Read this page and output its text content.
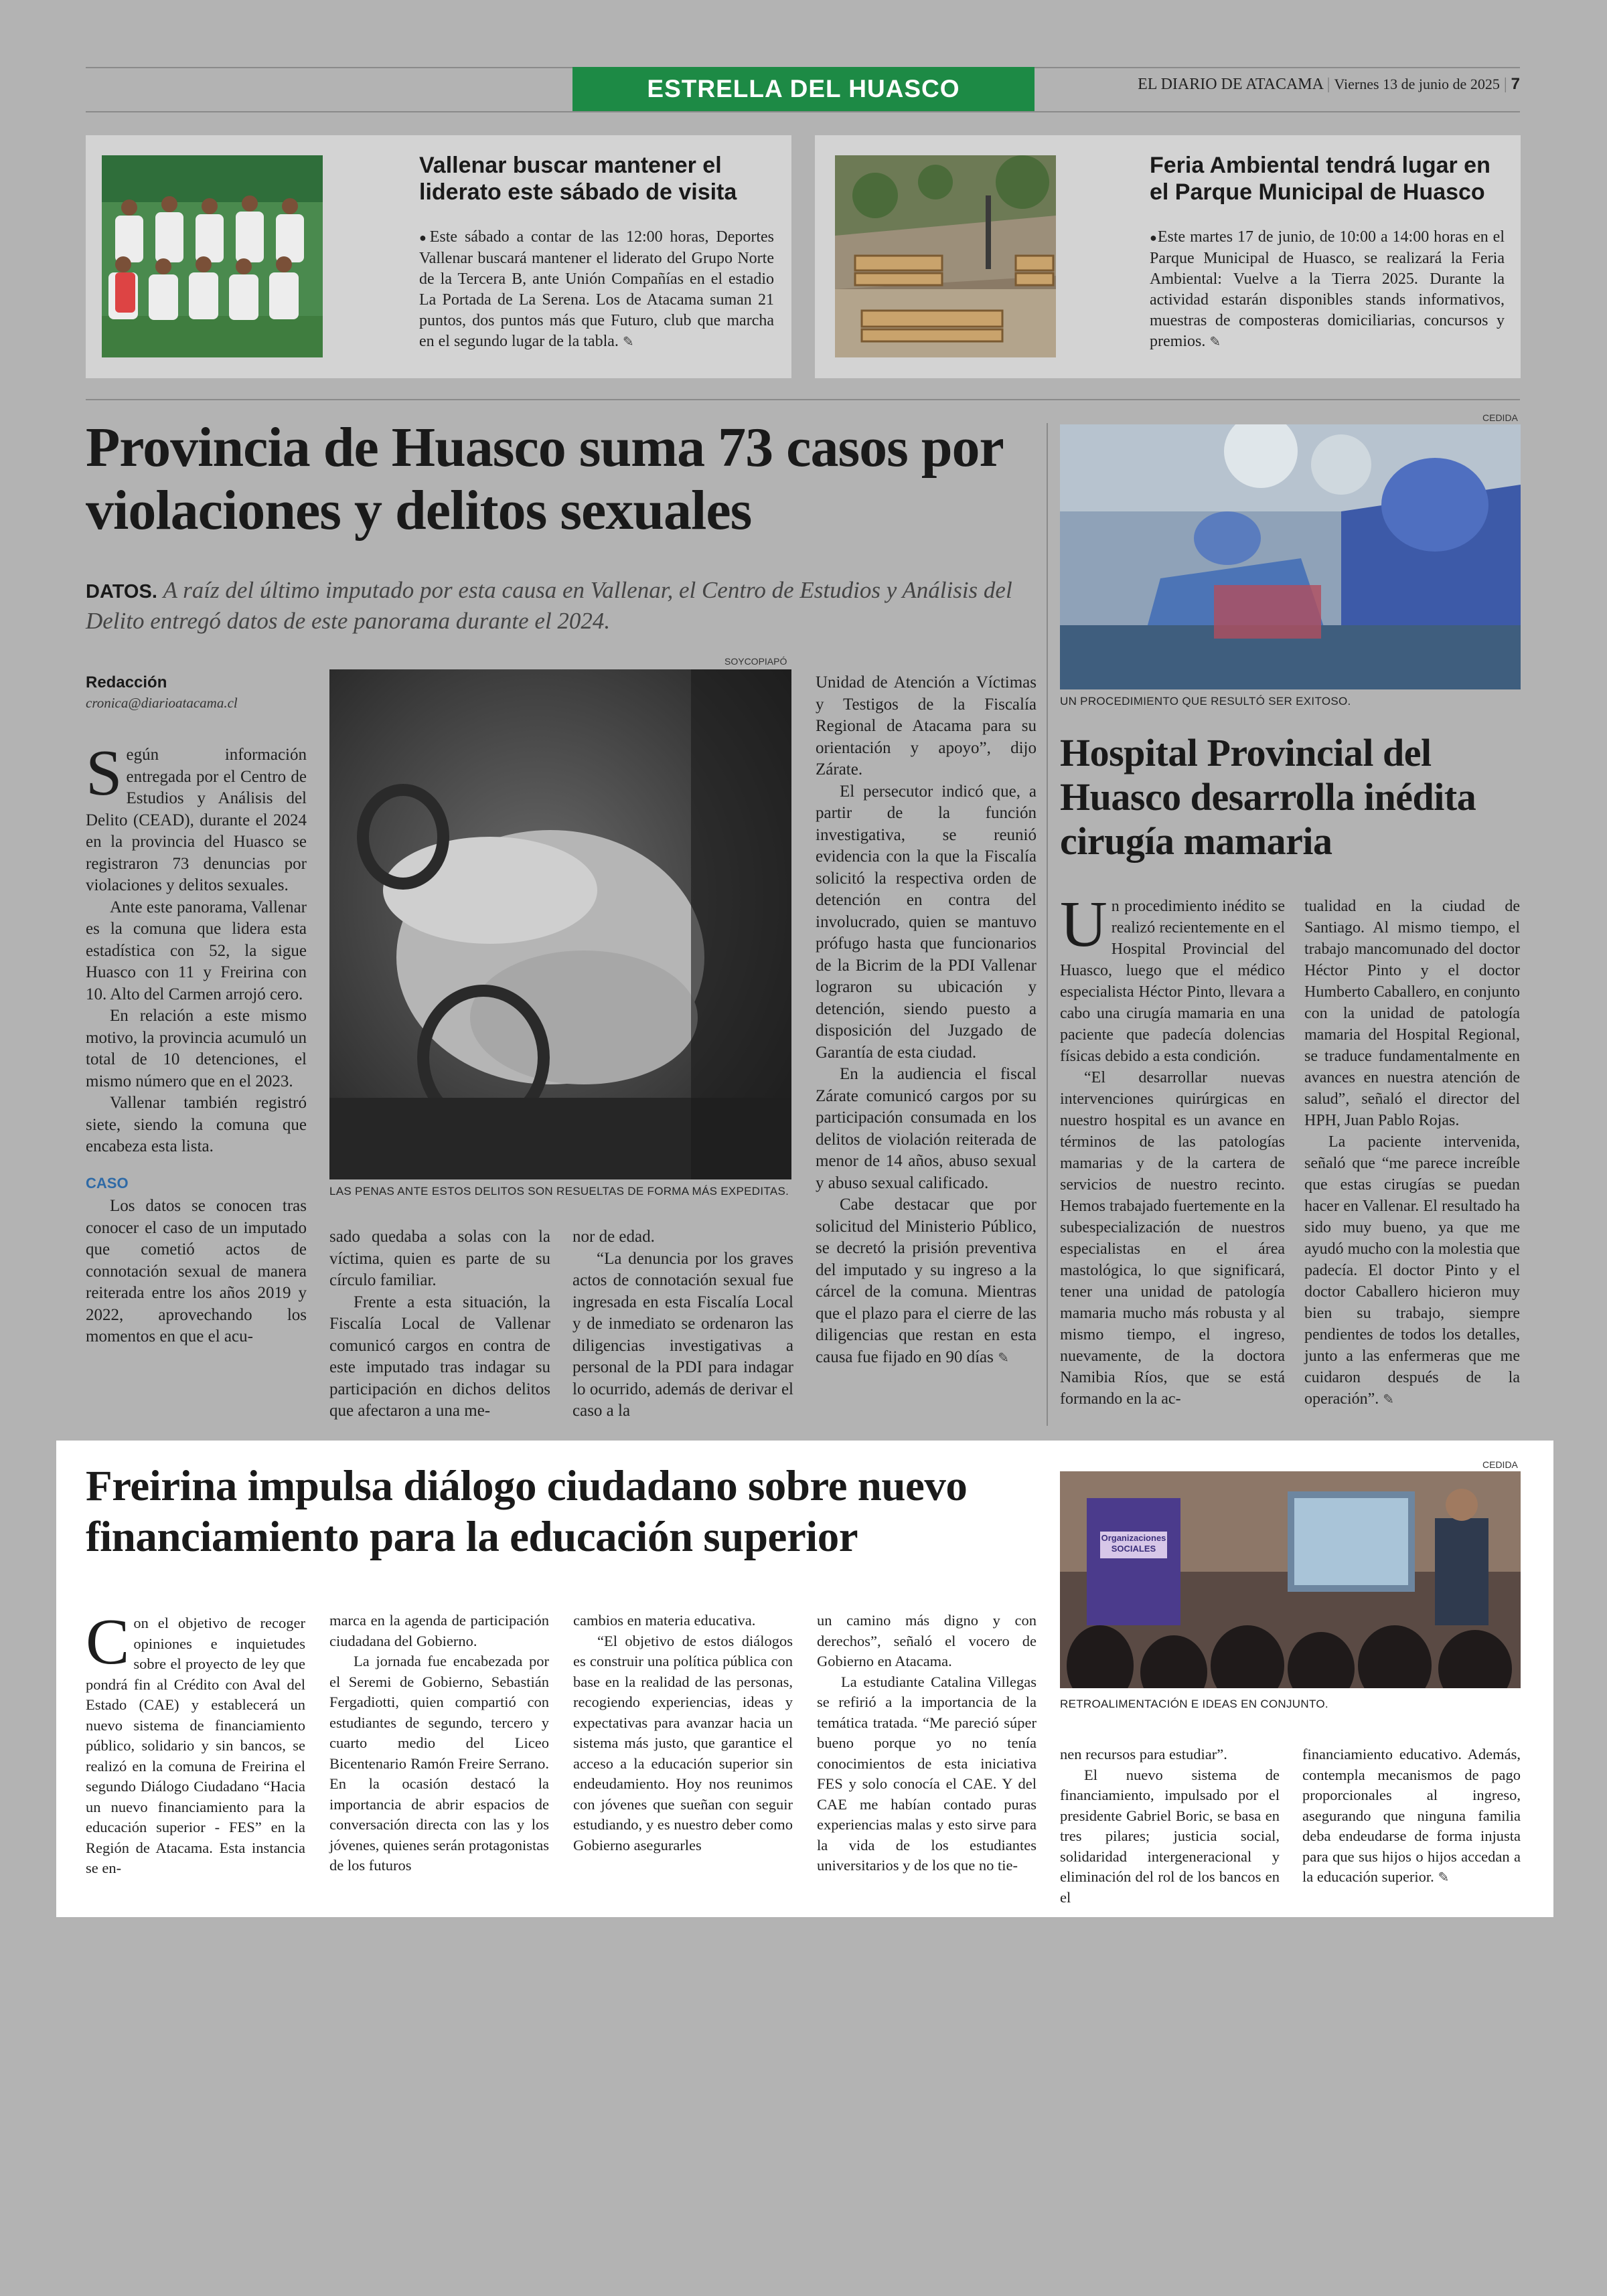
ESTRELLA DEL HUASCO	EL DIARIO DE ATACAMA | Viernes 13 de junio de 2025 | 7
Vallenar buscar mantener el liderato este sábado de visita
●Este sábado a contar de las 12:00 horas, Deportes Vallenar buscará mantener el liderato del Grupo Norte de la Tercera B, ante Unión Compañías en el estadio La Portada de La Serena. Los de Atacama suman 21 puntos, dos puntos más que Futuro, club que marcha en el segundo lugar de la tabla. ✎
Feria Ambiental tendrá lugar en el Parque Municipal de Huasco
●Este martes 17 de junio, de 10:00 a 14:00 horas en el Parque Municipal de Huasco, se realizará la Feria Ambiental: Vuelve a la Tierra 2025. Durante la actividad estarán disponibles stands informativos, muestras de composteras domiciliarias, concursos y premios. ✎
Provincia de Huasco suma 73 casos por violaciones y delitos sexuales
DATOS. A raíz del último imputado por esta causa en Vallenar, el Centro de Estudios y Análisis del Delito entregó datos de este panorama durante el 2024.
Redacción
cronica@diarioatacama.cl
SOYCOPIAPÓ
LAS PENAS ANTE ESTOS DELITOS SON RESUELTAS DE FORMA MÁS EXPEDITAS.

Según información entregada por el Centro de Estudios y Análisis del Delito (CEAD), durante el 2024 en la provincia del Huasco se registraron 73 denuncias por violaciones y delitos sexuales.

Ante este panorama, Vallenar es la comuna que lidera esta estadística con 52, la sigue Huasco con 11 y Freirina con 10. Alto del Carmen arrojó cero.

En relación a este mismo motivo, la provincia acumuló un total de 10 detenciones, el mismo número que en el 2023.

Vallenar también registró siete, siendo la comuna que encabeza esta lista.

CASO

Los datos se conocen tras conocer el caso de un imputado que cometió actos de connotación sexual de manera reiterada entre los años 2019 y 2022, aprovechando los momentos en que el acu-

sado quedaba a solas con la víctima, quien es parte de su círculo familiar.

Frente a esta situación, la Fiscalía Local de Vallenar comunicó cargos en contra de este imputado tras indagar su participación en dichos delitos que afectaron a una me-

nor de edad.

“La denuncia por los graves actos de connotación sexual fue ingresada en esta Fiscalía Local y de inmediato se ordenaron las diligencias investigativas a personal de la PDI para indagar lo ocurrido, además de derivar el caso a la

Unidad de Atención a Víctimas y Testigos de la Fiscalía Regional de Atacama para su orientación y apoyo”, dijo Zárate.

El persecutor indicó que, a partir de la función investigativa, se reunió evidencia con la que la Fiscalía solicitó la respectiva orden de detención en contra del involucrado, quien se mantuvo prófugo hasta que funcionarios de la Bicrim de la PDI Vallenar lograron su ubicación y detención, siendo puesto a disposición del Juzgado de Garantía de esta ciudad.

En la audiencia el fiscal Zárate comunicó cargos por su participación consumada en los delitos de violación reiterada de menor de 14 años, abuso sexual y abuso sexual calificado.

Cabe destacar que por solicitud del Ministerio Público, se decretó la prisión preventiva del imputado y su ingreso a la cárcel de la comuna. Mientras que el plazo para el cierre de las diligencias que restan en esta causa fue fijado en 90 días ✎

CEDIDA
UN PROCEDIMIENTO QUE RESULTÓ SER EXITOSO.
Hospital Provincial del Huasco desarrolla inédita cirugía mamaria

Un procedimiento inédito se realizó recientemente en el Hospital Provincial del Huasco, luego que el médico especialista Héctor Pinto, llevara a cabo una cirugía mamaria en una paciente que padecía dolencias físicas debido a esta condición.

“El desarrollar nuevas intervenciones quirúrgicas en nuestro hospital es un avance en términos de las patologías mamarias y de la cartera de servicios de nuestro recinto. Hemos trabajado fuertemente en la subespecialización de nuestros especialistas en el área mastológica, lo que significará, tener una unidad de patología mamaria mucho más robusta y al mismo tiempo, el ingreso, nuevamente, de la doctora Namibia Ríos, que se está formando en la ac-

tualidad en la ciudad de Santiago. Al mismo tiempo, el trabajo mancomunado del doctor Héctor Pinto y el doctor Humberto Caballero, en conjunto con la unidad de patología mamaria del Hospital Regional, se traduce fundamentalmente en avances en nuestra atención de salud”, señaló el director del HPH, Juan Pablo Rojas.

La paciente intervenida, señaló que “me parece increíble que estas cirugías se puedan hacer en Vallenar. El resultado ha sido muy bueno, ya que me ayudó mucho con la molestia que padecía. El doctor Pinto y el doctor Caballero hicieron muy bien su trabajo, siempre pendientes de todos los detalles, junto a las enfermeras que me cuidaron después de la operación”. ✎

Freirina impulsa diálogo ciudadano sobre nuevo financiamiento para la educación superior
CEDIDA
Organizaciones SOCIALES
RETROALIMENTACIÓN E IDEAS EN CONJUNTO.

Con el objetivo de recoger opiniones e inquietudes sobre el proyecto de ley que pondrá fin al Crédito con Aval del Estado (CAE) y establecerá un nuevo sistema de financiamiento público, solidario y sin bancos, se realizó en la comuna de Freirina el segundo Diálogo Ciudadano “Hacia un nuevo financiamiento para la educación superior - FES” en la Región de Atacama. Esta instancia se en-

marca en la agenda de participación ciudadana del Gobierno.

La jornada fue encabezada por el Seremi de Gobierno, Sebastián Fergadiotti, quien compartió con estudiantes de segundo, tercero y cuarto medio del Liceo Bicentenario Ramón Freire Serrano. En la ocasión destacó la importancia de abrir espacios de conversación directa con las y los jóvenes, quienes serán protagonistas de los futuros

cambios en materia educativa.

“El objetivo de estos diálogos es construir una política pública con base en la realidad de las personas, recogiendo experiencias, ideas y expectativas para avanzar hacia un sistema más justo, que garantice el acceso a la educación superior sin endeudamiento. Hoy nos reunimos con jóvenes que sueñan con seguir estudiando, y es nuestro deber como Gobierno asegurarles

un camino más digno y con derechos”, señaló el vocero de Gobierno en Atacama.

La estudiante Catalina Villegas se refirió a la importancia de la temática tratada. “Me pareció súper bueno porque yo no tenía conocimientos de esta iniciativa FES y solo conocía el CAE. Y del CAE me habían contado puras experiencias malas y esto sirve para la vida de los estudiantes universitarios y de los que no tie-

nen recursos para estudiar”.

El nuevo sistema de financiamiento, impulsado por el presidente Gabriel Boric, se basa en tres pilares; justicia social, solidaridad intergeneracional y eliminación del rol de los bancos en el

financiamiento educativo. Además, contempla mecanismos de pago proporcionales al ingreso, asegurando que ninguna familia deba endeudarse de forma injusta para que sus hijos o hijos accedan a la educación superior. ✎
